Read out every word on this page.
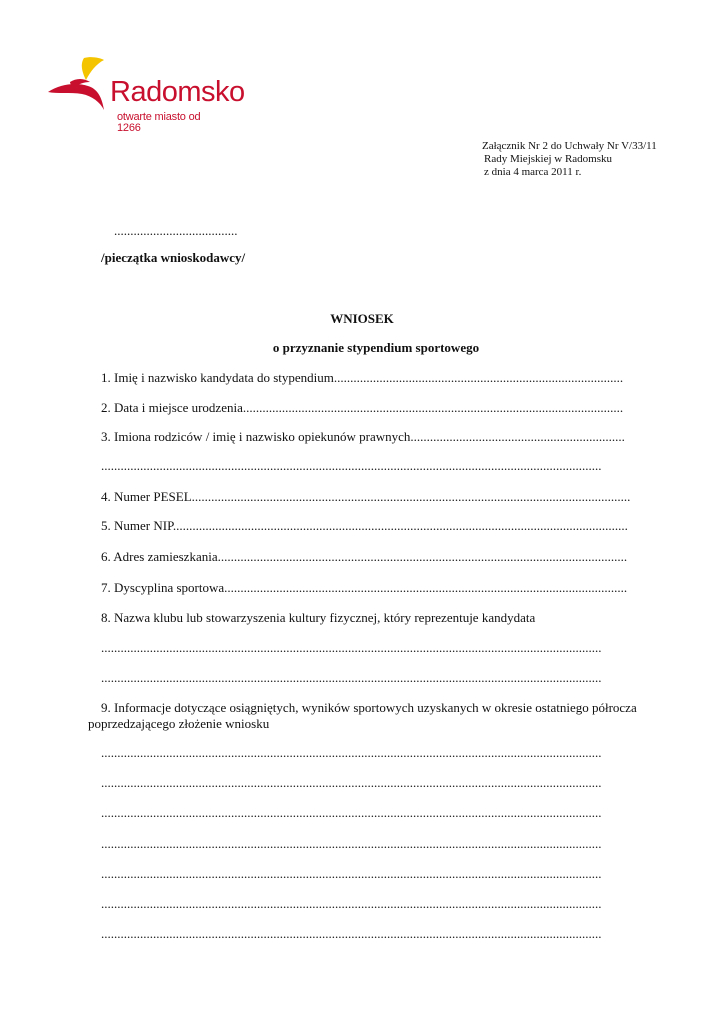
Radomsko
otwarte miasto od 1266
Załącznik Nr 2 do Uchwały Nr V/33/11
Rady Miejskiej w Radomsku
z dnia 4 marca 2011 r.
......................................
/pieczątka wnioskodawcy/
WNIOSEK
o przyznanie stypendium sportowego
1. Imię i nazwisko kandydata do stypendium.........................................................................................
2. Data i miejsce urodzenia.....................................................................................................................
3. Imiona rodziców / imię i nazwisko opiekunów prawnych..................................................................
..........................................................................................................................................................
4. Numer PESEL.......................................................................................................................................
5. Numer NIP............................................................................................................................................
6. Adres zamieszkania..............................................................................................................................
7. Dyscyplina sportowa............................................................................................................................
8. Nazwa klubu lub stowarzyszenia kultury fizycznej, który reprezentuje kandydata
..........................................................................................................................................................
..........................................................................................................................................................
9. Informacje dotyczące osiągniętych, wyników sportowych uzyskanych w okresie ostatniego półrocza
poprzedzającego złożenie wniosku
..........................................................................................................................................................
..........................................................................................................................................................
..........................................................................................................................................................
..........................................................................................................................................................
..........................................................................................................................................................
..........................................................................................................................................................
..........................................................................................................................................................
